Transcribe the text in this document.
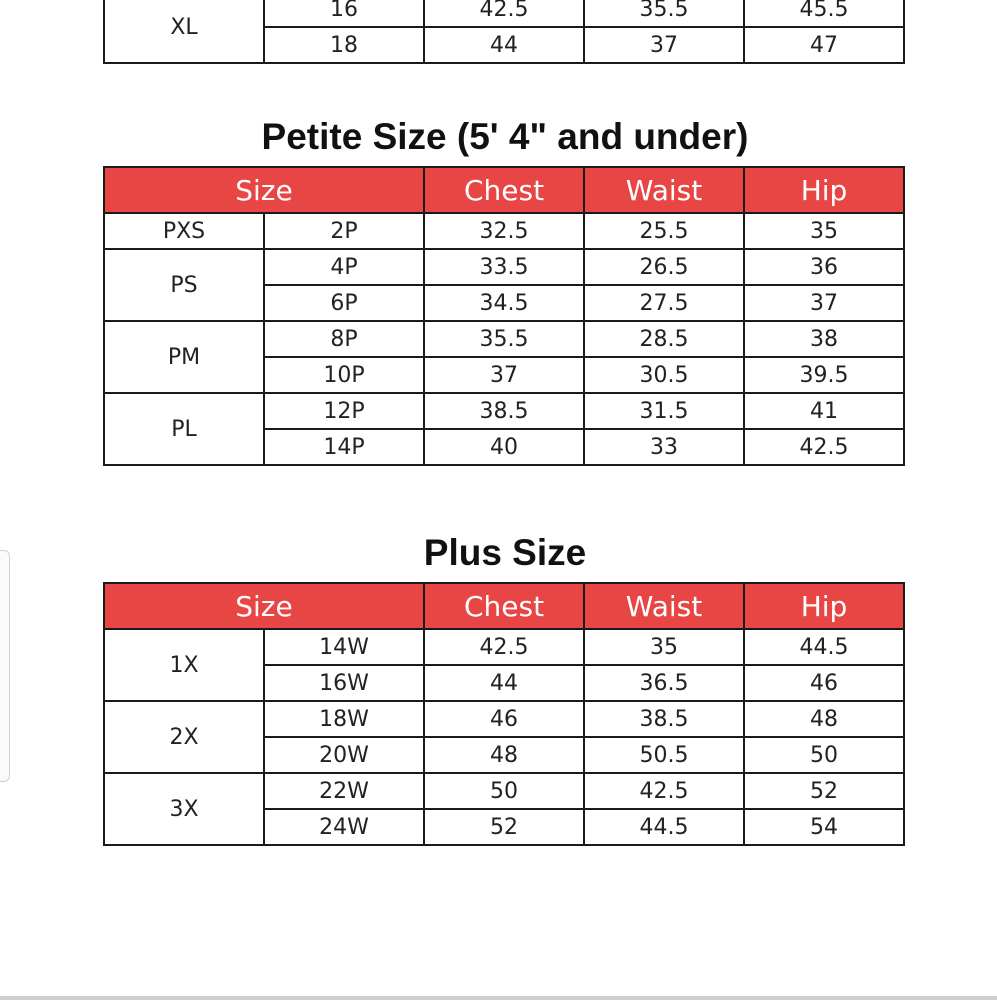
XL	16	42.5	35.5	45.5
	18	44	37	47
Petite Size (5' 4" and under)
Size		Chest	Waist	Hip
PXS	2P	32.5	25.5	35
PS	4P	33.5	26.5	36
	6P	34.5	27.5	37
PM	8P	35.5	28.5	38
	10P	37	30.5	39.5
PL	12P	38.5	31.5	41
	14P	40	33	42.5
Plus Size
Size		Chest	Waist	Hip
1X	14W	42.5	35	44.5
	16W	44	36.5	46
2X	18W	46	38.5	48
	20W	48	50.5	50
3X	22W	50	42.5	52
	24W	52	44.5	54
